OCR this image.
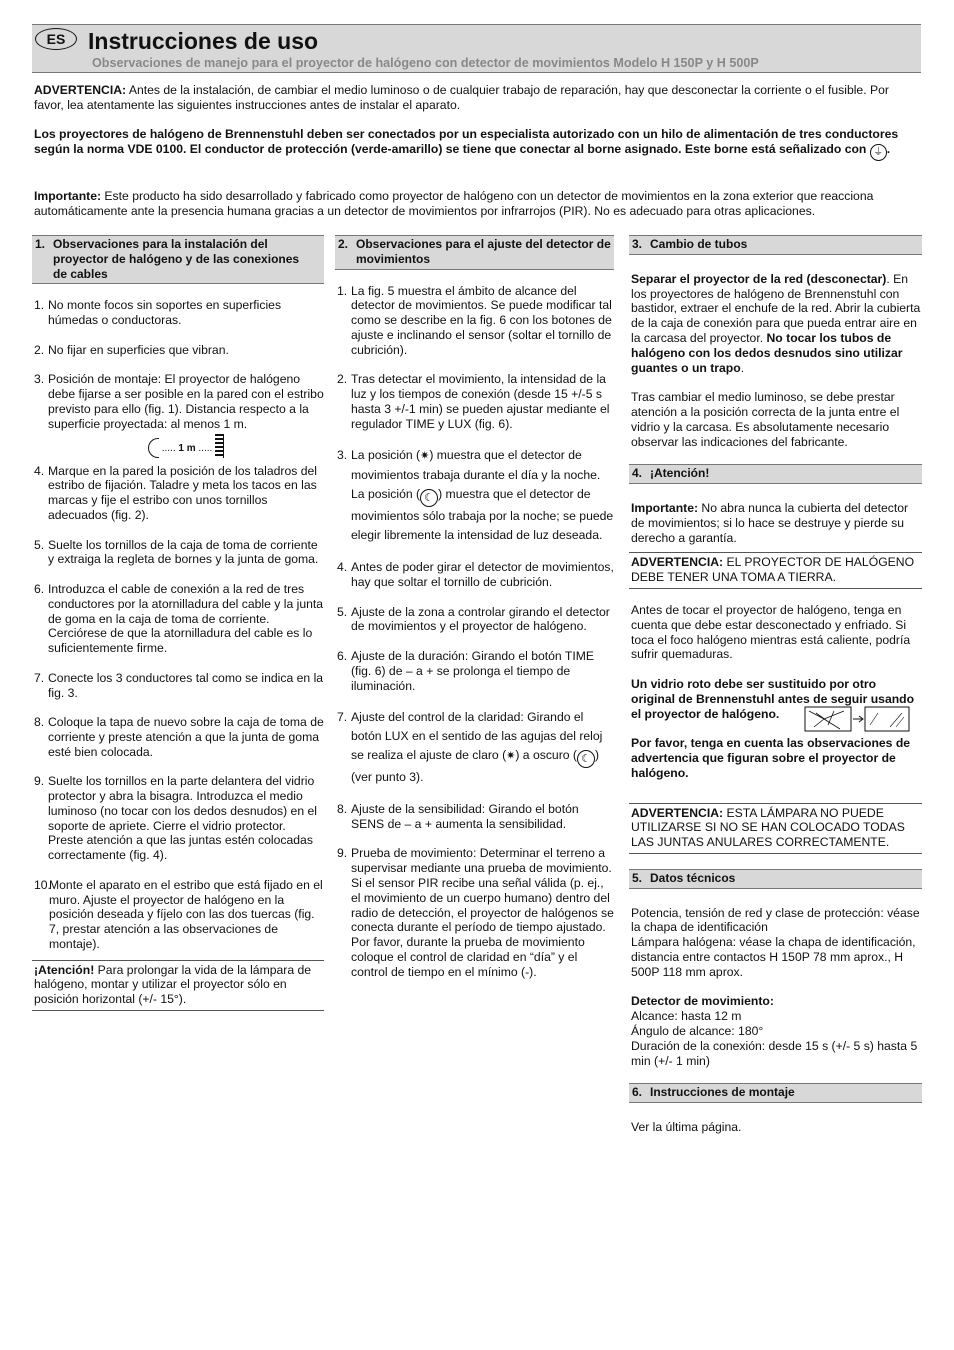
ES Instrucciones de uso
Observaciones de manejo para el proyector de halógeno con detector de movimientos Modelo H 150P y H 500P

ADVERTENCIA: Antes de la instalación, de cambiar el medio luminoso o de cualquier trabajo de reparación, hay que desconectar la corriente o el fusible. Por favor, lea atentamente las siguientes instrucciones antes de instalar el aparato.

Los proyectores de halógeno de Brennenstuhl deben ser conectados por un especialista autorizado con un hilo de alimentación de tres conductores según la norma VDE 0100. El conductor de protección (verde-amarillo) se tiene que conectar al borne asignado. Este borne está señalizado con ⏚ .

Importante: Este producto ha sido desarrollado y fabricado como proyector de halógeno con un detector de movimientos en la zona exterior que reacciona automáticamente ante la presencia humana gracias a un detector de movimientos por infrarrojos (PIR). No es adecuado para otras aplicaciones.

1. Observaciones para la instalación del proyector de halógeno y de las conexiones de cables
1. No monte focos sin soportes en superficies húmedas o conductoras.
2. No fijar en superficies que vibran.
3. Posición de montaje: El proyector de halógeno debe fijarse a ser posible en la pared con el estribo previsto para ello (fig. 1). Distancia respecto a la superficie proyectada: al menos 1 m.
..... 1 m .....
4. Marque en la pared la posición de los taladros del estribo de fijación. Taladre y meta los tacos en las marcas y fije el estribo con unos tornillos adecuados (fig. 2).
5. Suelte los tornillos de la caja de toma de corriente y extraiga la regleta de bornes y la junta de goma.
6. Introduzca el cable de conexión a la red de tres conductores por la atornilladura del cable y la junta de goma en la caja de toma de corriente. Cerciórese de que la atornilladura del cable es lo suficientemente firme.
7. Conecte los 3 conductores tal como se indica en la fig. 3.
8. Coloque la tapa de nuevo sobre la caja de toma de corriente y preste atención a que la junta de goma esté bien colocada.
9. Suelte los tornillos en la parte delantera del vidrio protector y abra la bisagra. Introduzca el medio luminoso (no tocar con los dedos desnudos) en el soporte de apriete. Cierre el vidrio protector. Preste atención a que las juntas estén colocadas correctamente (fig. 4).
10.
Monte el aparato en el estribo que está fijado en el muro. Ajuste el proyector de halógeno en la posición deseada y fíjelo con las dos tuercas (fig. 7, prestar atención a las observaciones de montaje).
¡Atención! Para prolongar la vida de la lámpara de halógeno, montar y utilizar el proyector sólo en posición horizontal (+/- 15°).
2. Observaciones para el ajuste del detector de movimientos
1. La fig. 5 muestra el ámbito de alcance del detector de movimientos. Se puede modificar tal como se describe en la fig. 6 con los botones de ajuste e inclinando el sensor (soltar el tornillo de cubrición).
2. Tras detectar el movimiento, la intensidad de la luz y los tiempos de conexión (desde 15 +/-5 s hasta 3 +/-1 min) se pueden ajustar mediante el regulador TIME y LUX (fig. 6).
3. La posición (✷) muestra que el detector de movimientos trabaja durante el día y la noche. La posición ( ☾ ) muestra que el detector de movimientos sólo trabaja por la noche; se puede elegir libremente la intensidad de luz deseada.
4. Antes de poder girar el detector de movimientos, hay que soltar el tornillo de cubrición.
5. Ajuste de la zona a controlar girando el detector de movimientos y el proyector de halógeno.
6. Ajuste de la duración: Girando el botón TIME (fig. 6) de – a + se prolonga el tiempo de iluminación.
7. Ajuste del control de la claridad: Girando el botón LUX en el sentido de las agujas del reloj se realiza el ajuste de claro (✷) a oscuro ( ☾ ) (ver punto 3).
8. Ajuste de la sensibilidad: Girando el botón SENS de – a + aumenta la sensibilidad.
9. Prueba de movimiento: Determinar el terreno a supervisar mediante una prueba de movimiento. Si el sensor PIR recibe una señal válida (p. ej., el movimiento de un cuerpo humano) dentro del radio de detección, el proyector de halógenos se conecta durante el período de tiempo ajustado. Por favor, durante la prueba de movimiento coloque el control de claridad en “día” y el control de tiempo en el mínimo (-).
3. Cambio de tubos

Separar el proyector de la red (desconectar). En los proyectores de halógeno de Brennenstuhl con bastidor, extraer el enchufe de la red. Abrir la cubierta de la caja de conexión para que pueda entrar aire en la carcasa del proyector. No tocar los tubos de halógeno con los dedos desnudos sino utilizar guantes o un trapo.

Tras cambiar el medio luminoso, se debe prestar atención a la posición correcta de la junta entre el vidrio y la carcasa. Es absolutamente necesario observar las indicaciones del fabricante.

4. ¡Atención!

Importante: No abra nunca la cubierta del detector de movimientos; si lo hace se destruye y pierde su derecho a garantía.

ADVERTENCIA: EL PROYECTOR DE HALÓGENO DEBE TENER UNA TOMA A TIERRA.

Antes de tocar el proyector de halógeno, tenga en cuenta que debe estar desconectado y enfriado. Si toca el foco halógeno mientras está caliente, podría sufrir quemaduras.

Un vidrio roto debe ser sustituido por otro original de Brennenstuhl antes de seguir usando el proyector de halógeno.

Por favor, tenga en cuenta las observaciones de advertencia que figuran sobre el proyector de halógeno.

ADVERTENCIA: ESTA LÁMPARA NO PUEDE UTILIZARSE SI NO SE HAN COLOCADO TODAS LAS JUNTAS ANULARES CORRECTAMENTE.
5. Datos técnicos

Potencia, tensión de red y clase de protección: véase la chapa de identificación

Lámpara halógena: véase la chapa de identificación, distancia entre contactos H 150P 78 mm aprox., H 500P 118 mm aprox.

Detector de movimiento:

Alcance: hasta 12 m

Ángulo de alcance: 180°

Duración de la conexión: desde 15 s (+/- 5 s) hasta 5 min (+/- 1 min)

6. Instrucciones de montaje

Ver la última página.
